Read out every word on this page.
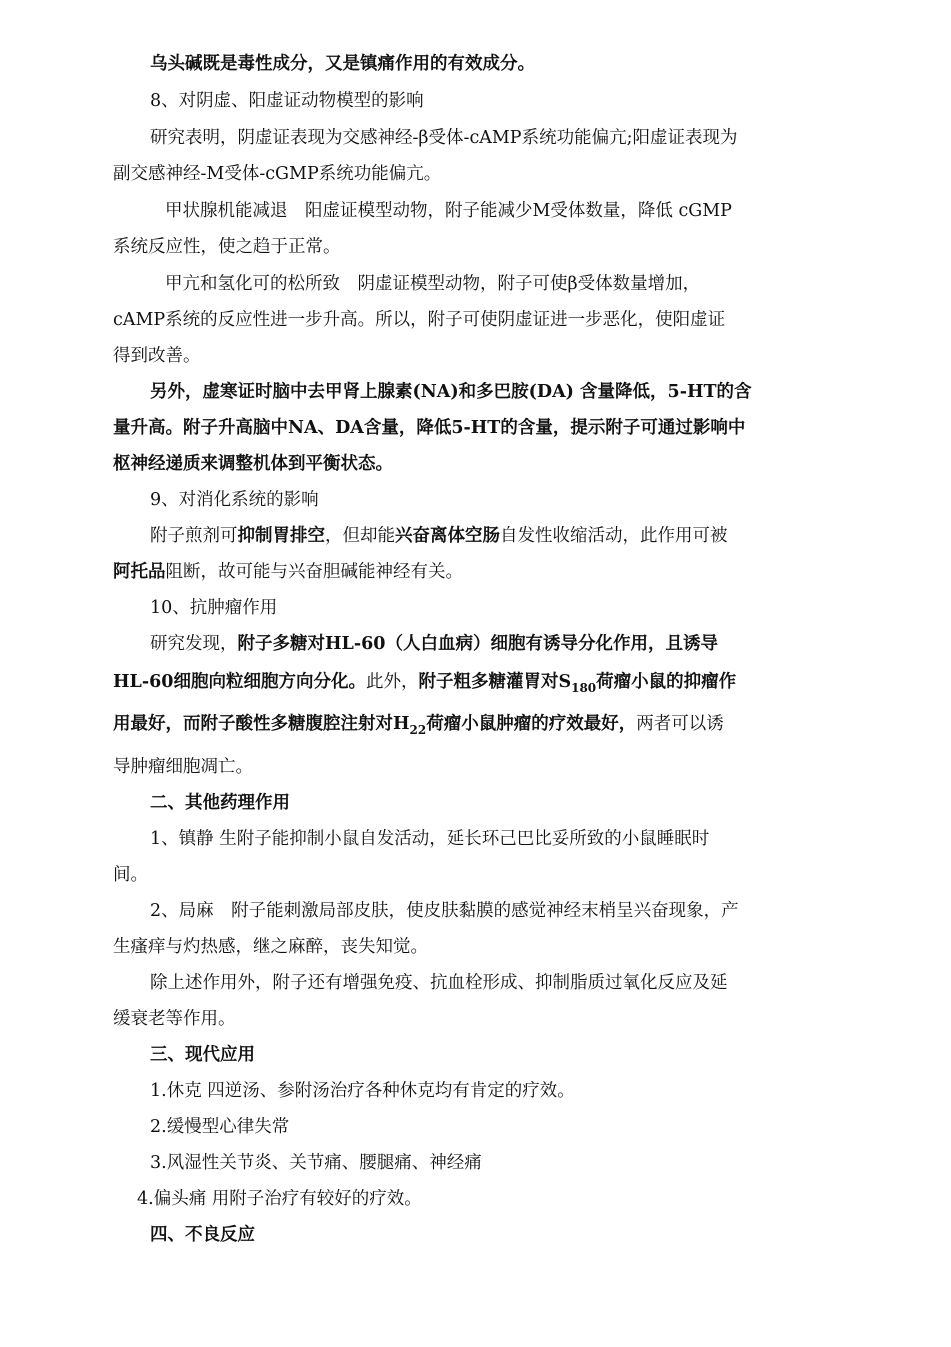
乌头碱既是毒性成分，又是镇痛作用的有效成分。
8、对阴虚、阳虚证动物模型的影响
研究表明，阴虚证表现为交感神经-β受体-cAMP系统功能偏亢;阳虚证表现为
副交感神经-M受体-cGMP系统功能偏亢。
甲状腺机能减退　阳虚证模型动物，附子能减少M受体数量，降低 cGMP
系统反应性，使之趋于正常。
甲亢和氢化可的松所致　阴虚证模型动物，附子可使β受体数量增加，
cAMP系统的反应性进一步升高。所以，附子可使阴虚证进一步恶化，使阳虚证
得到改善。
另外，虚寒证时脑中去甲肾上腺素(NA)和多巴胺(DA) 含量降低，5-HT的含
量升高。附子升高脑中NA、DA含量，降低5-HT的含量，提示附子可通过影响中
枢神经递质来调整机体到平衡状态。
9、对消化系统的影响
附子煎剂可抑制胃排空，但却能兴奋离体空肠自发性收缩活动，此作用可被
阿托品阻断，故可能与兴奋胆碱能神经有关。
10、抗肿瘤作用
研究发现，附子多糖对HL-60（人白血病）细胞有诱导分化作用，且诱导
HL-60细胞向粒细胞方向分化。此外，附子粗多糖灌胃对$S_{180}$荷瘤小鼠的抑瘤作
用最好，而附子酸性多糖腹腔注射对$H_{22}$荷瘤小鼠肿瘤的疗效最好，两者可以诱
导肿瘤细胞凋亡。
二、其他药理作用
1、镇静 生附子能抑制小鼠自发活动，延长环己巴比妥所致的小鼠睡眠时
间。
2、局麻　附子能刺激局部皮肤，使皮肤黏膜的感觉神经末梢呈兴奋现象，产
生瘙痒与灼热感，继之麻醉，丧失知觉。
除上述作用外，附子还有增强免疫、抗血栓形成、抑制脂质过氧化反应及延
缓衰老等作用。
三、现代应用
1.休克 四逆汤、参附汤治疗各种休克均有肯定的疗效。
2.缓慢型心律失常
3.风湿性关节炎、关节痛、腰腿痛、神经痛
4.偏头痛 用附子治疗有较好的疗效。
四、不良反应
